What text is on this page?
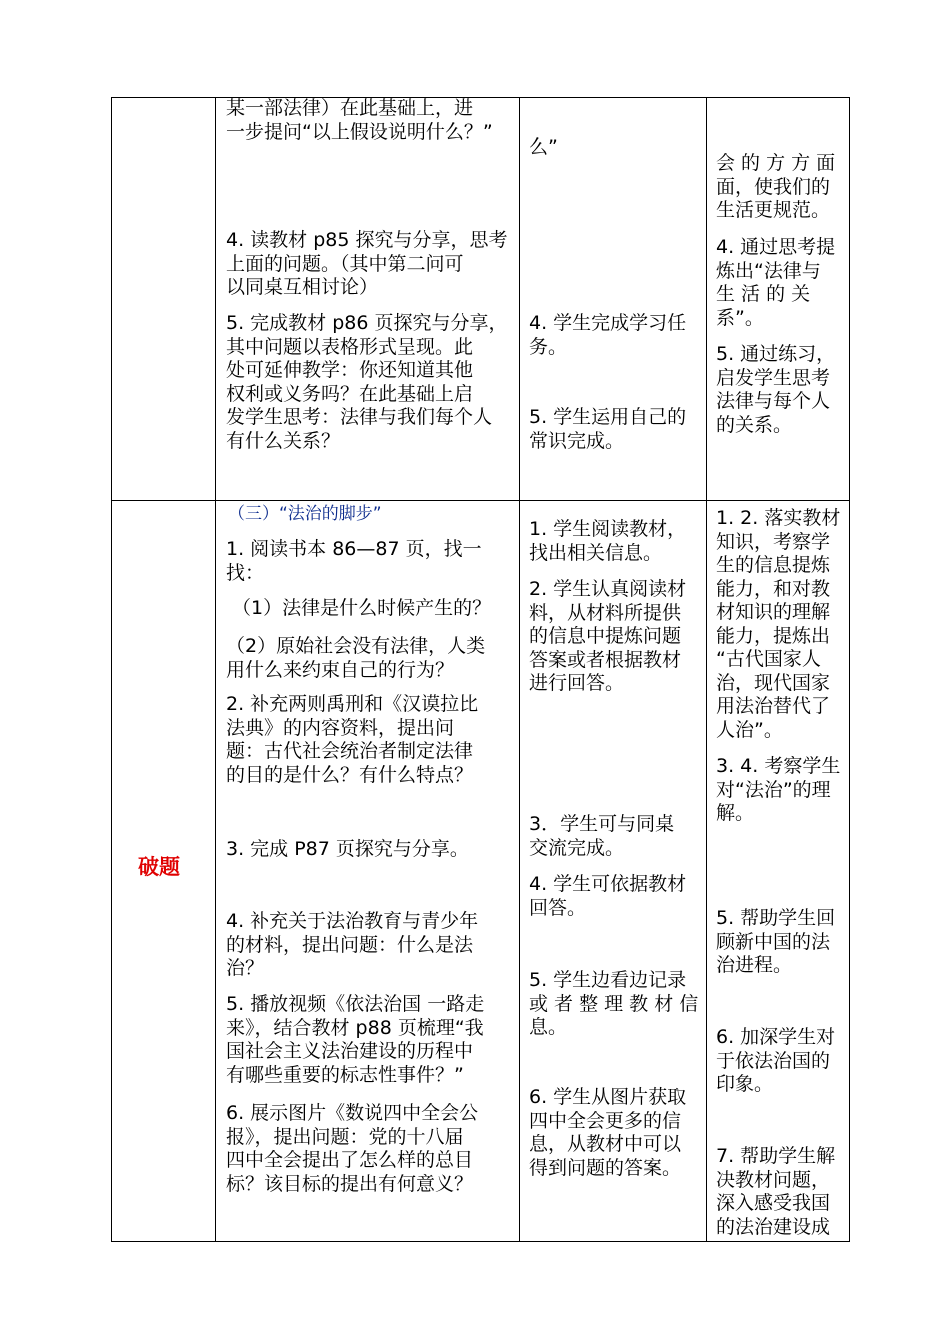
某一部法律）在此基础上，进
一步提问“以上假设说明什么？”

4. 读教材 p85 探究与分享，思考
上面的问题。（其中第二问可
以同桌互相讨论）

5. 完成教材 p86 页探究与分享，
其中问题以表格形式呈现。此
处可延伸教学：你还知道其他
权利或义务吗？在此基础上启
发学生思考：法律与我们每个人
有什么关系？

么”

4. 学生完成学习任
务。

5. 学生运用自己的
常识完成。

会 的 方 方 面
面，使我们的
生活更规范。

4. 通过思考提
炼出“法律与
生 活 的 关
系”。

5. 通过练习，
启发学生思考
法律与每个人
的关系。

破题

（三）“法治的脚步”

1. 阅读书本 86—87 页，找一
找：

（1）法律是什么时候产生的？

（2）原始社会没有法律，人类
用什么来约束自己的行为？

2. 补充两则禹刑和《汉谟拉比
法典》的内容资料，提出问
题：古代社会统治者制定法律
的目的是什么？有什么特点？

3. 完成 P87 页探究与分享。

4. 补充关于法治教育与青少年
的材料，提出问题：什么是法
治？

5. 播放视频《依法治国 一路走
来》，结合教材 p88 页梳理“我
国社会主义法治建设的历程中
有哪些重要的标志性事件？”

6. 展示图片《数说四中全会公
报》，提出问题：党的十八届
四中全会提出了怎么样的总目
标？该目标的提出有何意义？

1. 学生阅读教材，
找出相关信息。

2. 学生认真阅读材
料，从材料所提供
的信息中提炼问题
答案或者根据教材
进行回答。

3．学生可与同桌
交流完成。

4. 学生可依据教材
回答。

5. 学生边看边记录
或 者 整 理 教 材 信
息。

6. 学生从图片获取
四中全会更多的信
息，从教材中可以
得到问题的答案。

1. 2. 落实教材
知识，考察学
生的信息提炼
能力，和对教
材知识的理解
能力，提炼出
“古代国家人
治，现代国家
用法治替代了
人治”。

3. 4. 考察学生
对“法治”的理
解。

5. 帮助学生回
顾新中国的法
治进程。

6. 加深学生对
于依法治国的
印象。

7. 帮助学生解
决教材问题，
深入感受我国
的法治建设成
